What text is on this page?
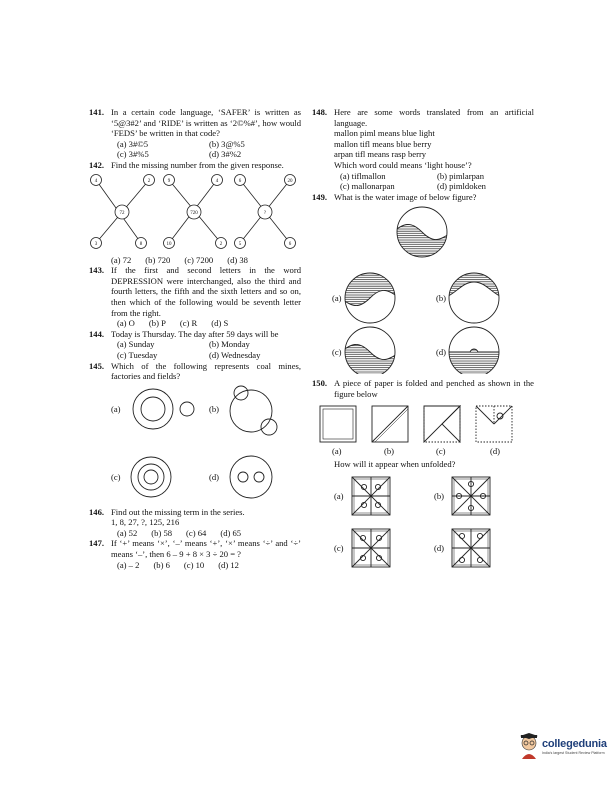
141. In a certain code language, ‘SAFER’ is written as ‘5@3#2’ and ‘RIDE’ is written as ‘2©%#’, how would ‘FEDS’ be written in that code?
(a) 3#©5	(b) 3@%5
(c) 3#%5	(d) 3#%2
142. Find the missing number from the given response.
4	2
3	8
72
9	4
10	2
720
6	20
5	6
?
(a) 72 (b) 720 (c) 7200 (d) 38
143. If the first and second letters in the word DEPRESSION were interchanged, also the third and fourth letters, the fifth and the sixth letters and so on, then which of the following would be seventh letter from the right.
(a) O (b) P (c) R (d) S
144. Today is Thursday. The day after 59 days will be
(a) Sunday	(b) Monday
(c) Tuesday	(d) Wednesday
145. Which of the following represents coal mines, factories and fields?
(a)	(b)
(c)	(d)
146. Find out the missing term in the series.
1, 8, 27, ?, 125, 216
(a) 52 (b) 58 (c) 64 (d) 65
147. If ‘+’ means ‘×’, ‘–’ means ‘+’, ‘×’ means ‘÷’ and ‘÷’ means ‘–’, then 6 – 9 + 8 × 3 ÷ 20 = ?
(a) – 2 (b) 6 (c) 10 (d) 12
148. Here are some words translated from an artificial language.
mallon piml means blue light
mallon tifl means blue berry
arpan tifl means rasp berry
Which word could means ‘light house’?
(a) tiflmallon	(b) pimlarpan
(c) mallonarpan	(d) pimldoken
149. What is the water image of below figure?
(a)	(b)
(c)	(d)
150. A piece of paper is folded and penched as shown in the figure below
(a)	(b)	(c)	(d)
How will it appear when unfolded?
(a)	(b)
(c)	(d)
collegedunia
India's largest Student Review Platform
